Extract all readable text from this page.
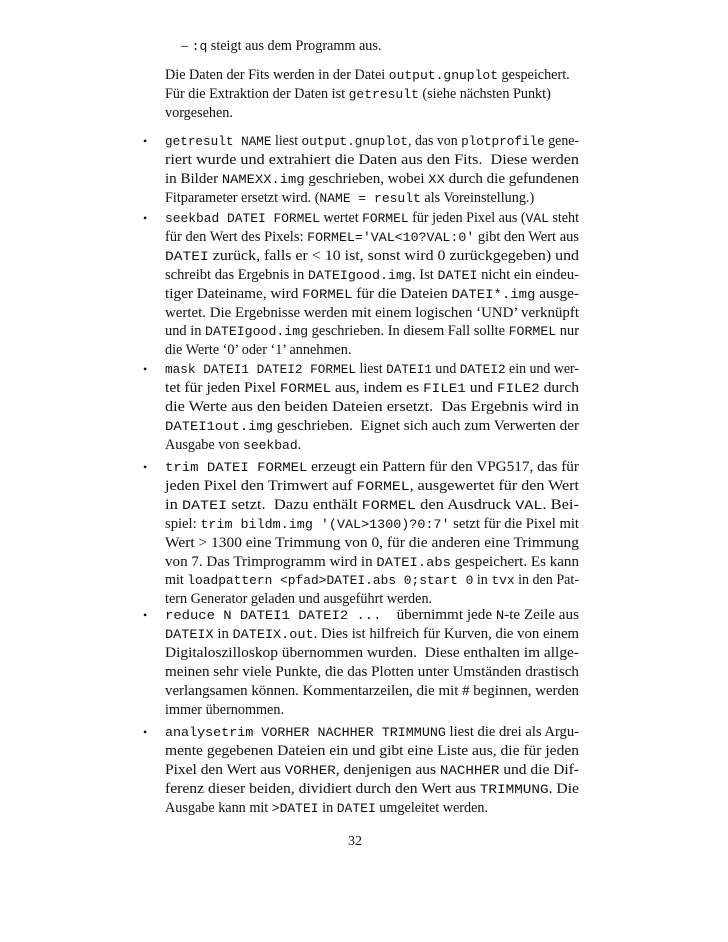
•
•
•
•
•
•
32
– :q steigt aus dem Programm aus.
Die Daten der Fits werden in der Datei output.gnuplot gespeichert.
Für die Extraktion der Daten ist getresult (siehe nächsten Punkt)
vorgesehen.
getresult NAME liest output.gnuplot, das von plotprofile gene-
riert wurde und extrahiert die Daten aus den Fits.  Diese werden
in Bilder NAMEXX.img geschrieben, wobei XX durch die gefundenen
Fitparameter ersetzt wird. (NAME = result als Voreinstellung.)
seekbad DATEI FORMEL wertet FORMEL für jeden Pixel aus (VAL steht
für den Wert des Pixels: FORMEL='VAL<10?VAL:0' gibt den Wert aus
DATEI zurück, falls er < 10 ist, sonst wird 0 zurückgegeben) und
schreibt das Ergebnis in DATEIgood.img. Ist DATEI nicht ein eindeu-
tiger Dateiname, wird FORMEL für die Dateien DATEI*.img ausge-
wertet. Die Ergebnisse werden mit einem logischen ‘UND’ verknüpft
und in DATEIgood.img geschrieben. In diesem Fall sollte FORMEL nur
die Werte ‘0’ oder ‘1’ annehmen.
mask DATEI1 DATEI2 FORMEL liest DATEI1 und DATEI2 ein und wer-
tet für jeden Pixel FORMEL aus, indem es FILE1 und FILE2 durch
die Werte aus den beiden Dateien ersetzt.  Das Ergebnis wird in
DATEI1out.img geschrieben.  Eignet sich auch zum Verwerten der
Ausgabe von seekbad.
trim DATEI FORMEL erzeugt ein Pattern für den VPG517, das für
jeden Pixel den Trimwert auf FORMEL, ausgewertet für den Wert
in DATEI setzt.  Dazu enthält FORMEL den Ausdruck VAL. Bei-
spiel: trim bildm.img '(VAL>1300)?0:7' setzt für die Pixel mit
Wert > 1300 eine Trimmung von 0, für die anderen eine Trimmung
von 7. Das Trimprogramm wird in DATEI.abs gespeichert. Es kann
mit loadpattern <pfad>DATEI.abs 0;start 0 in tvx in den Pat-
tern Generator geladen und ausgeführt werden.
reduce N DATEI1 DATEI2 ...    übernimmt jede N-te Zeile aus
DATEIX in DATEIX.out. Dies ist hilfreich für Kurven, die von einem
Digitaloszilloskop übernommen wurden.  Diese enthalten im allge-
meinen sehr viele Punkte, die das Plotten unter Umständen drastisch
verlangsamen können. Kommentarzeilen, die mit # beginnen, werden
immer übernommen.
analysetrim VORHER NACHHER TRIMMUNG liest die drei als Argu-
mente gegebenen Dateien ein und gibt eine Liste aus, die für jeden
Pixel den Wert aus VORHER, denjenigen aus NACHHER und die Dif-
ferenz dieser beiden, dividiert durch den Wert aus TRIMMUNG. Die
Ausgabe kann mit >DATEI in DATEI umgeleitet werden.
